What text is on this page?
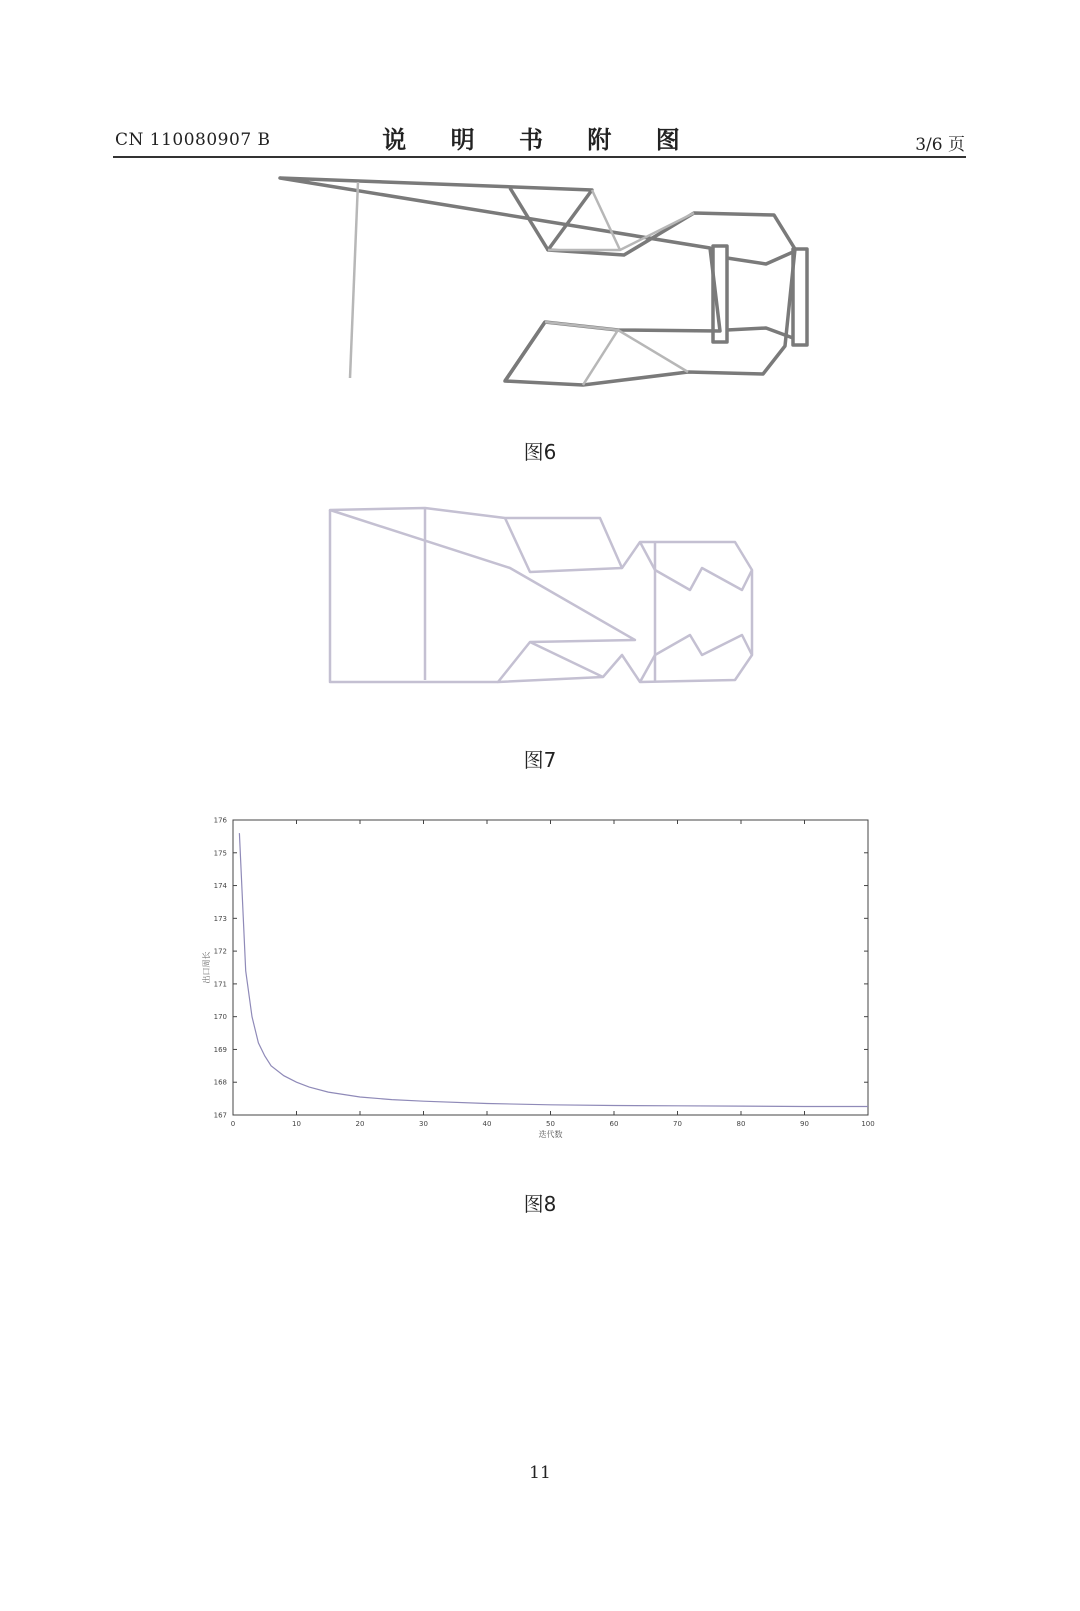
CN 110080907 B	说 明 书 附 图	3/6 页
图6
图7
0	10	20	30	40	50	60	70	80	90	100
167
168
169
170
171
172
173
174
175
176
迭代数
出口周长
图8
11
